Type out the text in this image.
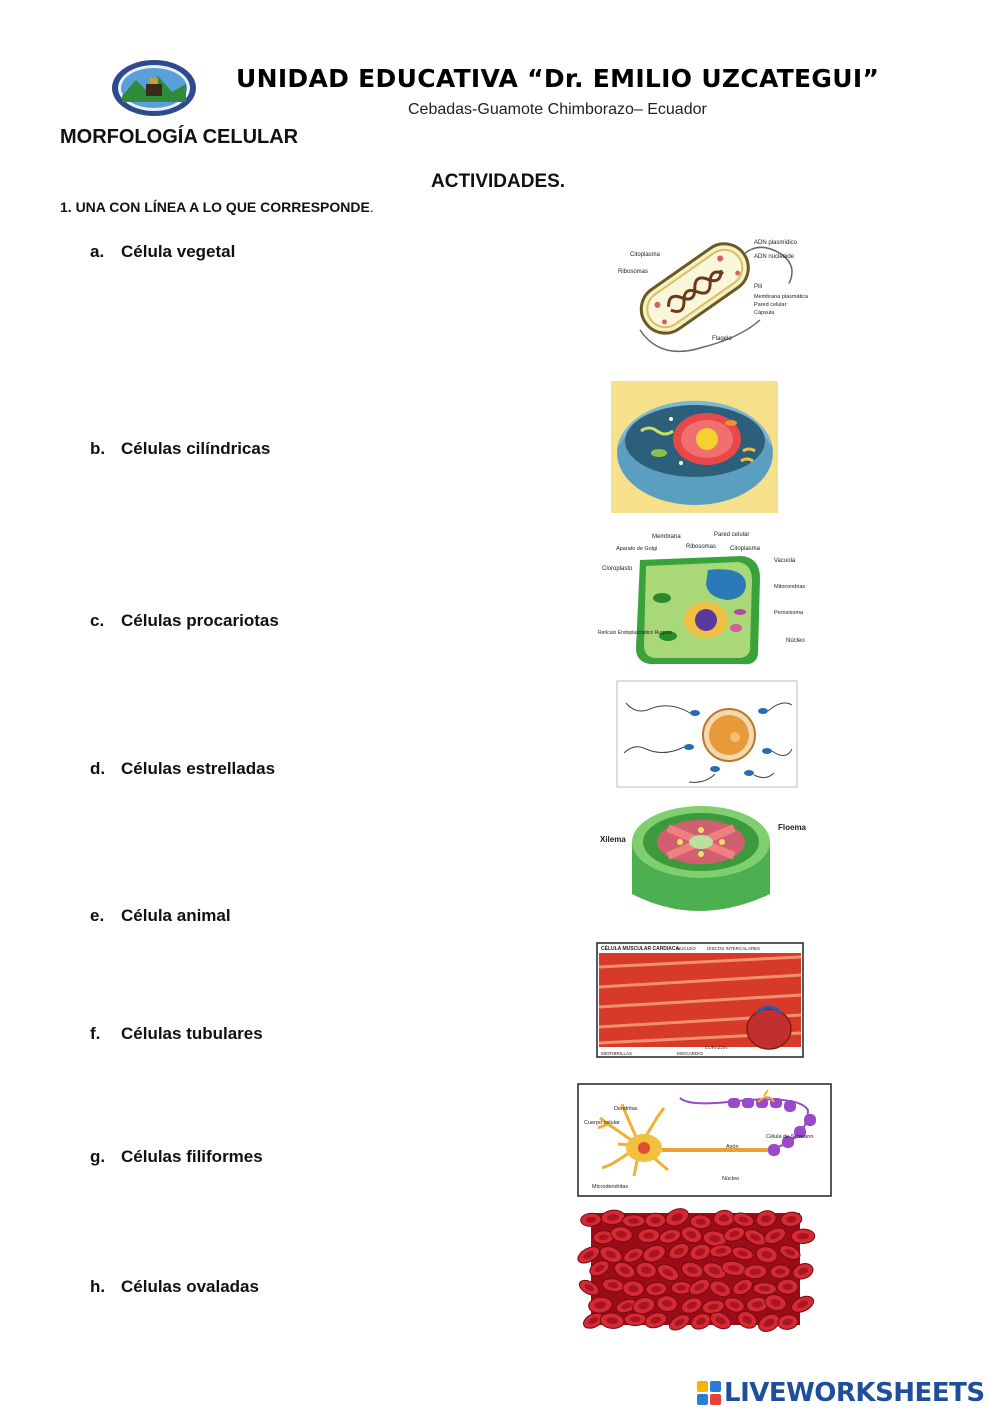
UNIDAD EDUCATIVA “Dr. EMILIO UZCATEGUI”
Cebadas-Guamote Chimborazo– Ecuador
MORFOLOGÍA CELULAR
ACTIVIDADES.
1. UNA CON LÍNEA A LO QUE CORRESPONDE.
a. Célula vegetal
b. Células cilíndricas
c. Células procariotas
d. Células estrelladas
e. Célula animal
f. Células tubulares
g. Células filiformes
h. Células ovaladas
ADN plasmídico
ADN nucleoide
Citoplasma
Ribosomas
Pili
Membrana plasmática
Pared celular
Cápsula
Flagelo
Membrana	Pared celular
Aparato de Golgi	Ribosomas Citoplasma
Vacuola
Cloroplasto
Mitocondrias
Peroxisoma
Retículo Endoplasmático Rugoso
Núcleo
Xilema
Floema
CÉLULA MUSCULAR CARDIACA
NÚCLEO DISCOS INTERCALARES
MIOFIBRILLAS
CORAZÓN
MIOCARDIO
Dendritas
Cuerpo celular
Axón
Célula de Schwann
Núcleo
Microdendritas
LIVEWORKSHEETS
